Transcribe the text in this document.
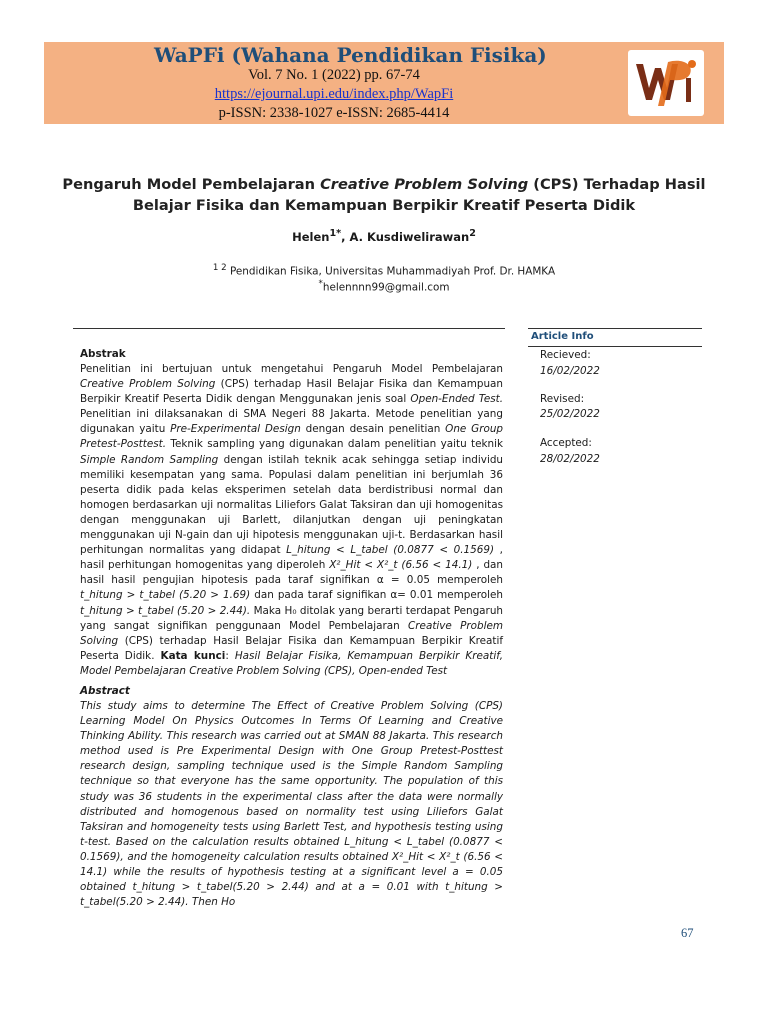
WaPFi (Wahana Pendidikan Fisika)
Vol. 7 No. 1 (2022) pp. 67-74
https://ejournal.upi.edu/index.php/WapFi
p-ISSN: 2338-1027 e-ISSN: 2685-4414
Pengaruh Model Pembelajaran Creative Problem Solving (CPS) Terhadap Hasil Belajar Fisika dan Kemampuan Berpikir Kreatif Peserta Didik
Helen$^{1*}$, A. Kusdiwelirawan$^2$
$^{1 2}$ Pendidikan Fisika, Universitas Muhammadiyah Prof. Dr. HAMKA
*helennnn99@gmail.com
Article Info
Recieved:
16/02/2022
Revised:
25/02/2022
Accepted:
28/02/2022
Abstrak
Penelitian ini bertujuan untuk mengetahui Pengaruh Model Pembelajaran Creative Problem Solving (CPS) terhadap Hasil Belajar Fisika dan Kemampuan Berpikir Kreatif Peserta Didik dengan Menggunakan jenis soal Open-Ended Test. Penelitian ini dilaksanakan di SMA Negeri 88 Jakarta. Metode penelitian yang digunakan yaitu Pre-Experimental Design dengan desain penelitian One Group Pretest-Posttest. Teknik sampling yang digunakan dalam penelitian yaitu teknik Simple Random Sampling dengan istilah teknik acak sehingga setiap individu memiliki kesempatan yang sama. Populasi dalam penelitian ini berjumlah 36 peserta didik pada kelas eksperimen setelah data berdistribusi normal dan homogen berdasarkan uji normalitas Liliefors Galat Taksiran dan uji homogenitas dengan menggunakan uji Barlett, dilanjutkan dengan uji peningkatan menggunakan uji N-gain dan uji hipotesis menggunakan uji-t. Berdasarkan hasil perhitungan normalitas yang didapat L_hitung < L_tabel (0.0877 < 0.1569) , hasil perhitungan homogenitas yang diperoleh X²_Hit < X²_t (6.56 < 14.1) , dan hasil hasil pengujian hipotesis pada taraf signifikan α = 0.05 memperoleh t_hitung > t_tabel (5.20 > 1.69) dan pada taraf signifikan α= 0.01 memperoleh t_hitung > t_tabel (5.20 > 2.44). Maka H₀ ditolak yang berarti terdapat Pengaruh yang sangat signifikan penggunaan Model Pembelajaran Creative Problem Solving (CPS) terhadap Hasil Belajar Fisika dan Kemampuan Berpikir Kreatif Peserta Didik. Kata kunci: Hasil Belajar Fisika, Kemampuan Berpikir Kreatif, Model Pembelajaran Creative Problem Solving (CPS), Open-ended Test
Abstract
This study aims to determine The Effect of Creative Problem Solving (CPS) Learning Model On Physics Outcomes In Terms Of Learning and Creative Thinking Ability. This research was carried out at SMAN 88 Jakarta. This research method used is Pre Experimental Design with One Group Pretest-Posttest research design, sampling technique used is the Simple Random Sampling technique so that everyone has the same opportunity. The population of this study was 36 students in the experimental class after the data were normally distributed and homogenous based on normality test using Liliefors Galat Taksiran and homogeneity tests using Barlett Test, and hypothesis testing using t-test. Based on the calculation results obtained L_hitung < L_tabel (0.0877 < 0.1569), and the homogeneity calculation results obtained X²_Hit < X²_t (6.56 < 14.1) while the results of hypothesis testing at a significant level a = 0.05 obtained t_hitung > t_tabel(5.20 > 2.44) and at a = 0.01 with t_hitung > t_tabel(5.20 > 2.44). Then Ho
67
